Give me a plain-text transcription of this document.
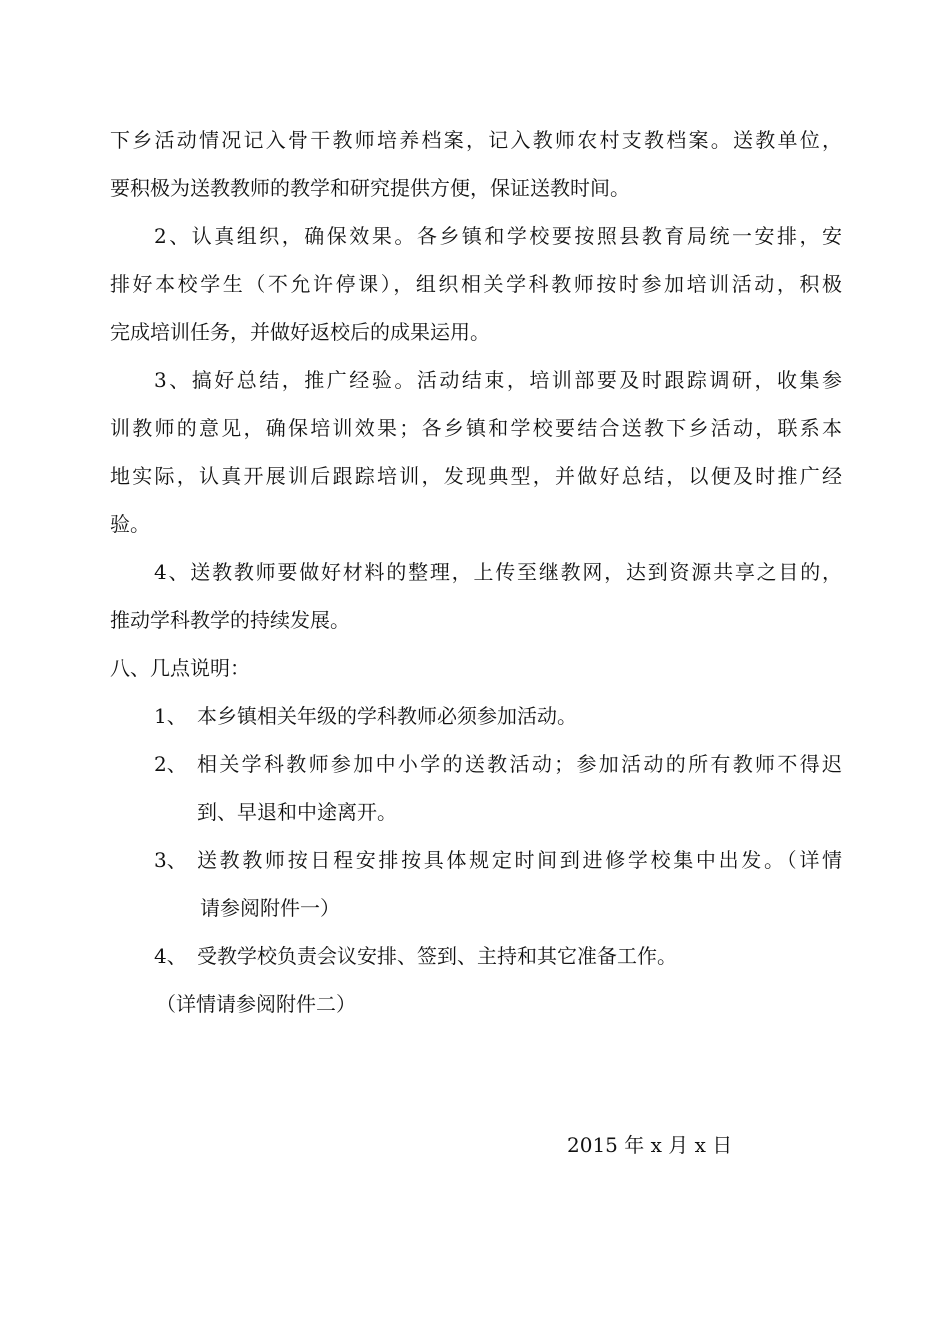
下乡活动情况记入骨干教师培养档案，记入教师农村支教档案。送教单位，
要积极为送教教师的教学和研究提供方便，保证送教时间。
2、认真组织，确保效果。各乡镇和学校要按照县教育局统一安排，安
排好本校学生（不允许停课），组织相关学科教师按时参加培训活动，积极
完成培训任务，并做好返校后的成果运用。
3、搞好总结，推广经验。活动结束，培训部要及时跟踪调研，收集参
训教师的意见，确保培训效果；各乡镇和学校要结合送教下乡活动，联系本
地实际，认真开展训后跟踪培训，发现典型，并做好总结，以便及时推广经
验。
4、送教教师要做好材料的整理，上传至继教网，达到资源共享之目的，
推动学科教学的持续发展。
八、几点说明：
1、 本乡镇相关年级的学科教师必须参加活动。
2、 相关学科教师参加中小学的送教活动；参加活动的所有教师不得迟
到、早退和中途离开。
3、 送教教师按日程安排按具体规定时间到进修学校集中出发。（详情
请参阅附件一）
4、 受教学校负责会议安排、签到、主持和其它准备工作。
（详情请参阅附件二）
2015 年 x 月 x 日
